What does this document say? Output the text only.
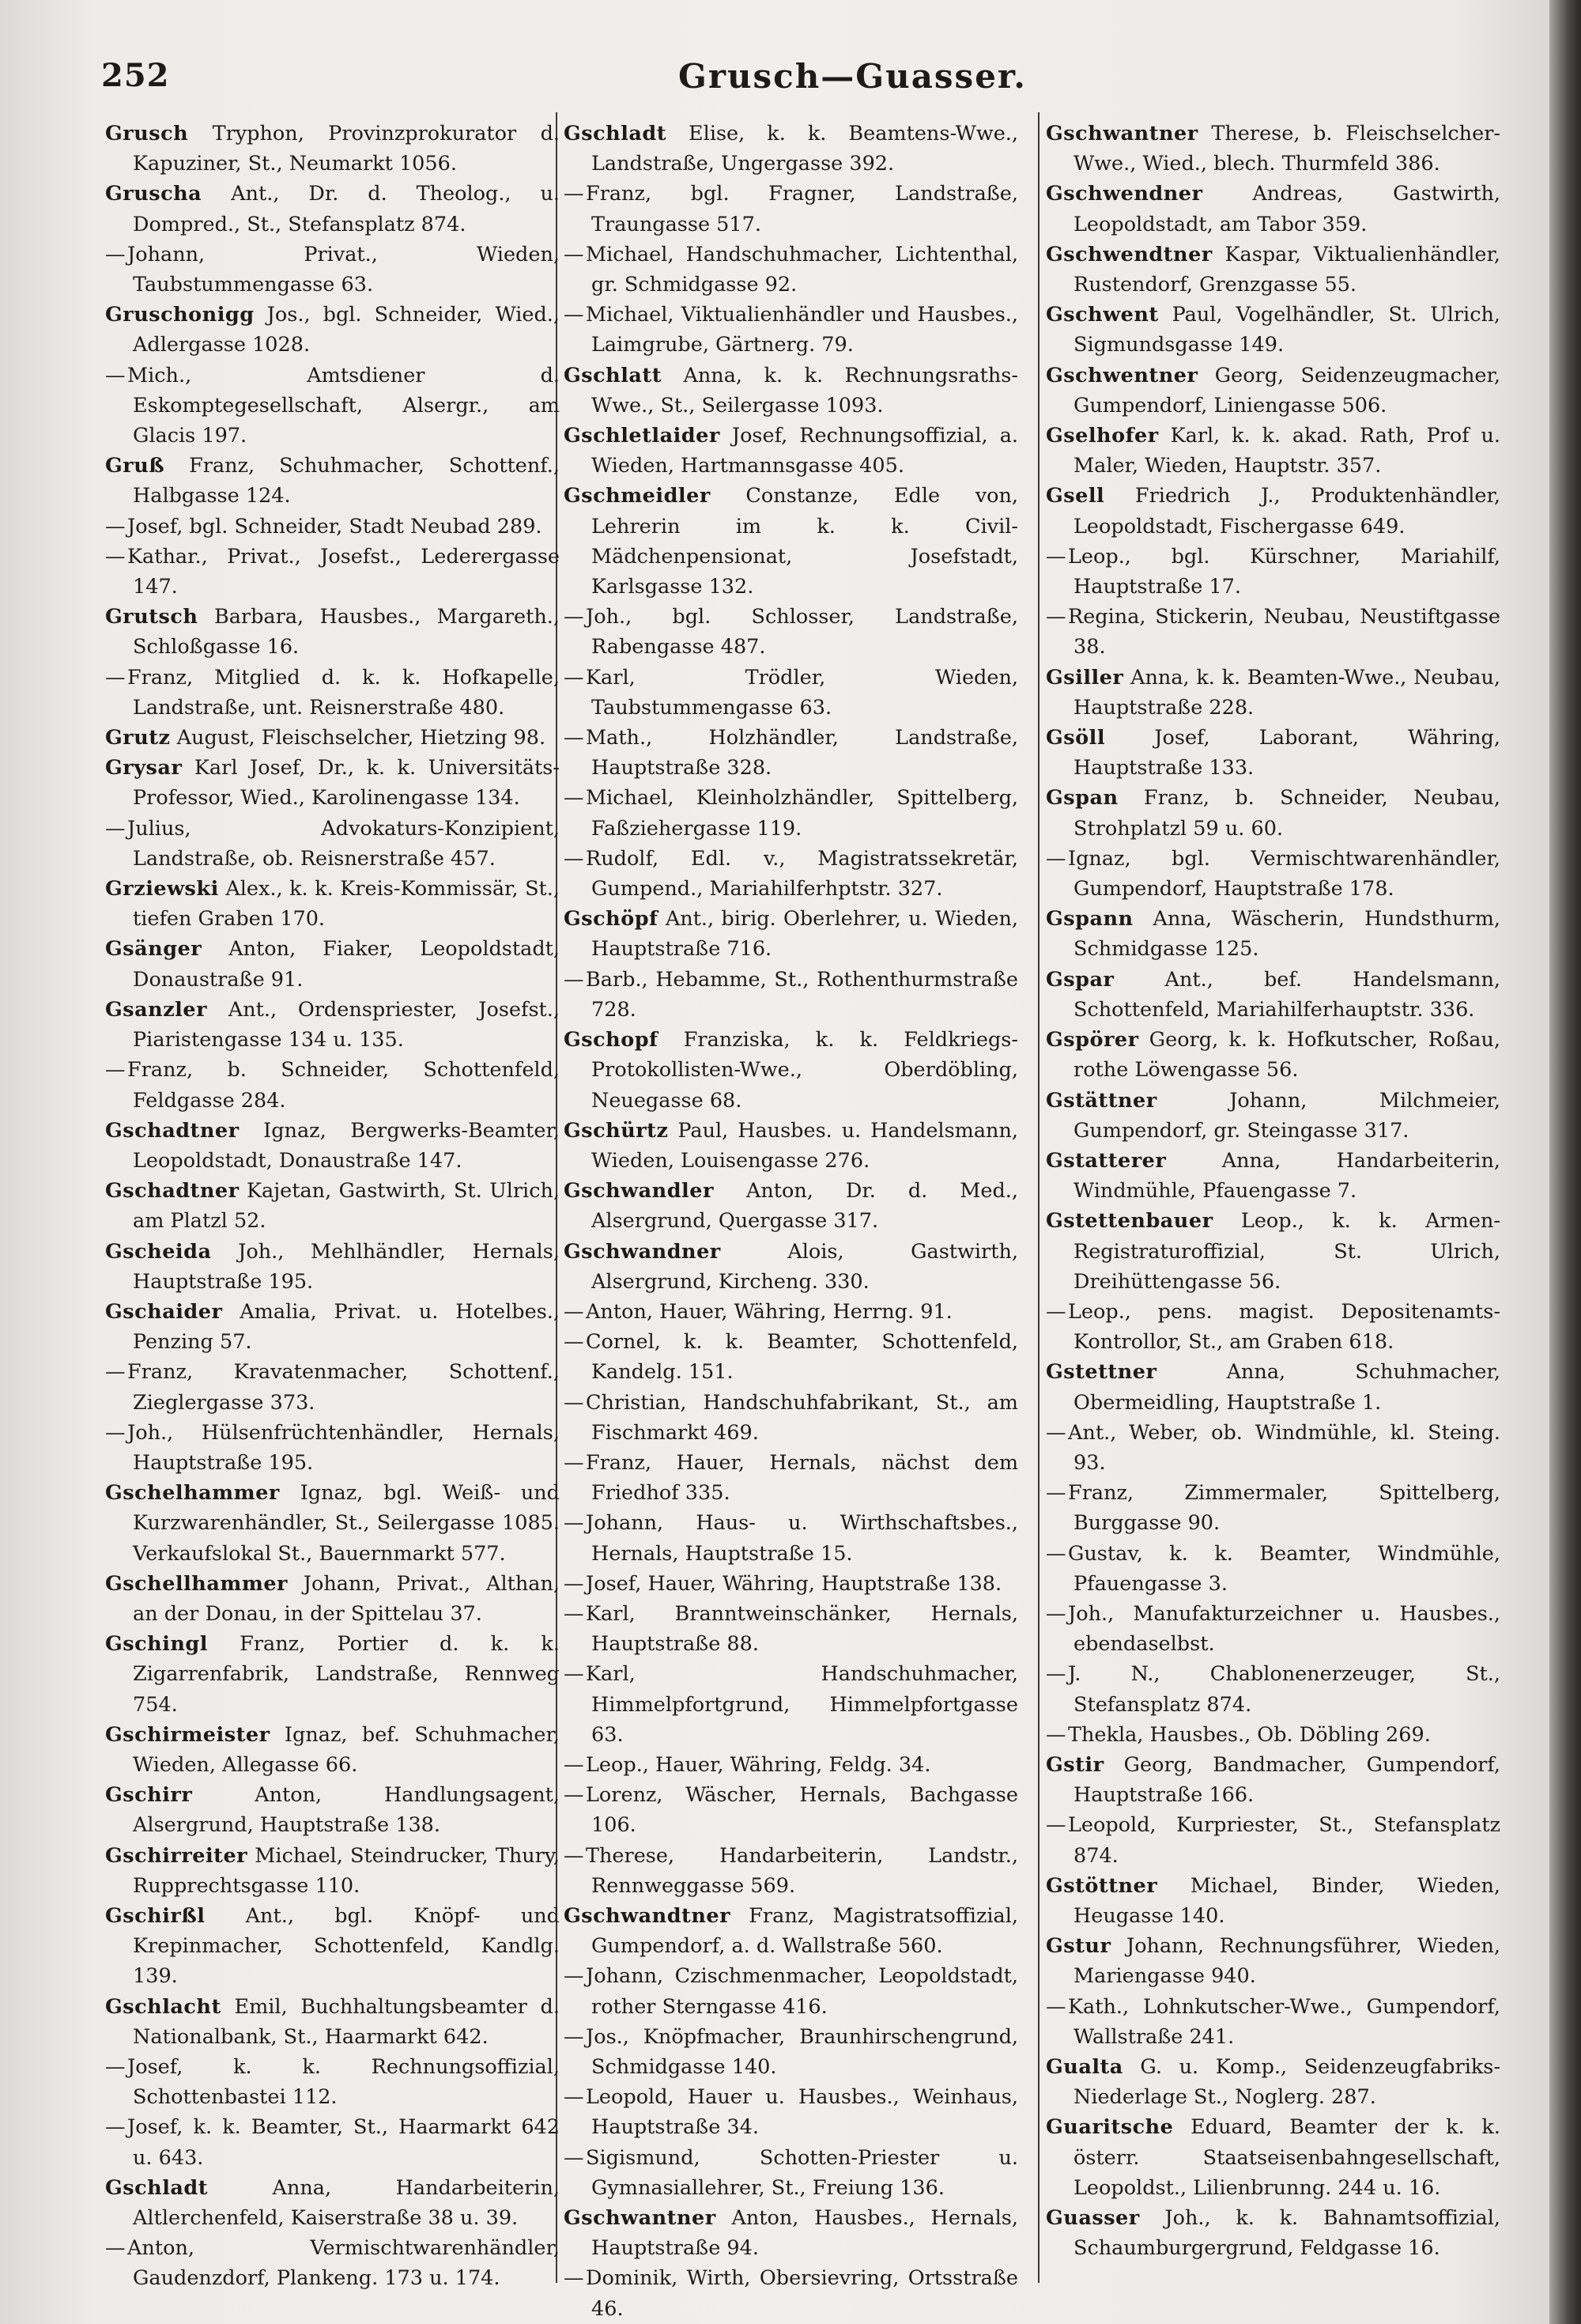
252	Grusch—Guasser.

Grusch Tryphon, Provinzprokurator d. Kapuziner, St., Neumarkt 1056.

Gruscha Ant., Dr. d. Theolog., u. Dompred., St., Stefansplatz 874.

—Johann, Privat., Wieden, Taubstummengasse 63.

Gruschonigg Jos., bgl. Schneider, Wied., Adlergasse 1028.

—Mich., Amtsdiener d. Eskomptegesellschaft, Alsergr., am Glacis 197.

Gruß Franz, Schuhmacher, Schottenf., Halbgasse 124.

—Josef, bgl. Schneider, Stadt Neubad 289.

—Kathar., Privat., Josefst., Lederergasse 147.

Grutsch Barbara, Hausbes., Margareth., Schloßgasse 16.

—Franz, Mitglied d. k. k. Hofkapelle, Landstraße, unt. Reisnerstraße 480.

Grutz August, Fleischselcher, Hietzing 98.

Grysar Karl Josef, Dr., k. k. Universitäts-Professor, Wied., Karolinengasse 134.

—Julius, Advokaturs-Konzipient, Landstraße, ob. Reisnerstraße 457.

Grziewski Alex., k. k. Kreis-Kommissär, St., tiefen Graben 170.

Gsänger Anton, Fiaker, Leopoldstadt, Donaustraße 91.

Gsanzler Ant., Ordenspriester, Josefst., Piaristengasse 134 u. 135.

—Franz, b. Schneider, Schottenfeld, Feldgasse 284.

Gschadtner Ignaz, Bergwerks-Beamter, Leopoldstadt, Donaustraße 147.

Gschadtner Kajetan, Gastwirth, St. Ulrich, am Platzl 52.

Gscheida Joh., Mehlhändler, Hernals, Hauptstraße 195.

Gschaider Amalia, Privat. u. Hotelbes., Penzing 57.

—Franz, Kravatenmacher, Schottenf., Zieglergasse 373.

—Joh., Hülsenfrüchtenhändler, Hernals, Hauptstraße 195.

Gschelhammer Ignaz, bgl. Weiß- und Kurzwarenhändler, St., Seilergasse 1085. Verkaufslokal St., Bauernmarkt 577.

Gschellhammer Johann, Privat., Althan, an der Donau, in der Spittelau 37.

Gschingl Franz, Portier d. k. k. Zigarrenfabrik, Landstraße, Rennweg 754.

Gschirmeister Ignaz, bef. Schuhmacher, Wieden, Allegasse 66.

Gschirr	Anton, Handlungsagent, Alsergrund, Hauptstraße 138.

Gschirreiter Michael, Steindrucker, Thury, Rupprechtsgasse 110.

Gschirßl Ant., bgl. Knöpf- und Krepinmacher, Schottenfeld, Kandlg. 139.

Gschlacht Emil, Buchhaltungsbeamter d. Nationalbank, St., Haarmarkt 642.

—Josef, k. k. Rechnungsoffizial, Schottenbastei 112.

—Josef, k. k. Beamter, St., Haarmarkt 642 u. 643.

Gschladt	Anna, Handarbeiterin, Altlerchenfeld, Kaiserstraße 38 u. 39.

—Anton, Vermischtwarenhändler, Gaudenzdorf, Plankeng. 173 u. 174.

Gschladt Elise, k. k. Beamtens-Wwe., Landstraße, Ungergasse 392.

—Franz, bgl. Fragner, Landstraße, Traungasse 517.

—Michael, Handschuhmacher, Lichtenthal, gr. Schmidgasse 92.

—Michael, Viktualienhändler und Hausbes., Laimgrube, Gärtnerg. 79.

Gschlatt Anna, k. k. Rechnungsraths-Wwe., St., Seilergasse 1093.

Gschletlaider Josef, Rechnungsoffizial, a. Wieden, Hartmannsgasse 405.

Gschmeidler Constanze, Edle von, Lehrerin im k. k. Civil-Mädchenpensionat, Josefstadt, Karlsgasse 132.

—Joh., bgl. Schlosser, Landstraße, Rabengasse 487.

—Karl, Trödler, Wieden, Taubstummengasse 63.

—Math., Holzhändler, Landstraße, Hauptstraße 328.

—Michael, Kleinholzhändler, Spittelberg, Faßziehergasse 119.

—Rudolf, Edl. v., Magistratssekretär, Gumpend., Mariahilferhptstr. 327.

Gschöpf Ant., birig. Oberlehrer, u. Wieden, Hauptstraße 716.

—Barb., Hebamme, St., Rothenthurmstraße 728.

Gschopf Franziska, k. k. Feldkriegs-Protokollisten-Wwe., Oberdöbling, Neuegasse 68.

Gschürtz Paul, Hausbes. u. Handelsmann, Wieden, Louisengasse 276.

Gschwandler Anton, Dr. d. Med., Alsergrund, Quergasse 317.

Gschwandner	Alois, Gastwirth, Alsergrund, Kircheng. 330.

—Anton, Hauer, Währing, Herrng. 91.

—Cornel, k. k. Beamter, Schottenfeld, Kandelg. 151.

—Christian, Handschuhfabrikant, St., am Fischmarkt 469.

—Franz, Hauer, Hernals, nächst dem Friedhof 335.

—Johann, Haus- u. Wirthschaftsbes., Hernals, Hauptstraße 15.

—Josef, Hauer, Währing, Hauptstraße 138.

—Karl, Branntweinschänker, Hernals, Hauptstraße 88.

—Karl, Handschuhmacher, Himmelpfortgrund, Himmelpfortgasse 63.

—Leop., Hauer, Währing, Feldg. 34.

—Lorenz, Wäscher, Hernals, Bachgasse 106.

—Therese, Handarbeiterin, Landstr., Rennweggasse 569.

Gschwandtner Franz, Magistratsoffizial, Gumpendorf, a. d. Wallstraße 560.

—Johann, Czischmenmacher, Leopoldstadt, rother Sterngasse 416.

—Jos., Knöpfmacher, Braunhirschengrund, Schmidgasse 140.

—Leopold, Hauer u. Hausbes., Weinhaus, Hauptstraße 34.

—Sigismund, Schotten-Priester u. Gymnasiallehrer, St., Freiung 136.

Gschwantner Anton, Hausbes., Hernals, Hauptstraße 94.

—Dominik, Wirth, Obersievring, Ortsstraße 46.

Gschwantner Therese, b. Fleischselcher-Wwe., Wied., blech. Thurmfeld 386.

Gschwendner Andreas, Gastwirth, Leopoldstadt, am Tabor 359.

Gschwendtner Kaspar, Viktualienhändler, Rustendorf, Grenzgasse 55.

Gschwent Paul, Vogelhändler, St. Ulrich, Sigmundsgasse 149.

Gschwentner Georg, Seidenzeugmacher, Gumpendorf, Liniengasse 506.

Gselhofer Karl, k. k. akad. Rath, Prof u. Maler, Wieden, Hauptstr. 357.

Gsell Friedrich J., Produktenhändler, Leopoldstadt, Fischergasse 649.

—Leop., bgl. Kürschner, Mariahilf, Hauptstraße 17.

—Regina, Stickerin, Neubau, Neustiftgasse 38.

Gsiller Anna, k. k. Beamten-Wwe., Neubau, Hauptstraße 228.

Gsöll Josef, Laborant, Währing, Hauptstraße 133.

Gspan Franz, b. Schneider, Neubau, Strohplatzl 59 u. 60.

—Ignaz, bgl. Vermischtwarenhändler, Gumpendorf, Hauptstraße 178.

Gspann Anna, Wäscherin, Hundsthurm, Schmidgasse 125.

Gspar	Ant., bef. Handelsmann, Schottenfeld, Mariahilferhauptstr. 336.

Gspörer Georg, k. k. Hofkutscher, Roßau, rothe Löwengasse 56.

Gstättner	Johann, Milchmeier, Gumpendorf, gr. Steingasse 317.

Gstatterer	Anna, Handarbeiterin, Windmühle, Pfauengasse 7.

Gstettenbauer Leop., k. k. Armen-Registraturoffizial, St. Ulrich, Dreihüttengasse 56.

—Leop., pens. magist. Depositenamts-Kontrollor, St., am Graben 618.

Gstettner	Anna, Schuhmacher, Obermeidling, Hauptstraße 1.

—Ant., Weber, ob. Windmühle, kl. Steing. 93.

—Franz, Zimmermaler, Spittelberg, Burggasse 90.

—Gustav, k. k. Beamter, Windmühle, Pfauengasse 3.

—Joh., Manufakturzeichner u. Hausbes., ebendaselbst.

—J. N., Chablonenerzeuger, St., Stefansplatz 874.

—Thekla, Hausbes., Ob. Döbling 269.

Gstir Georg, Bandmacher, Gumpendorf, Hauptstraße 166.

—Leopold, Kurpriester, St., Stefansplatz 874.

Gstöttner Michael, Binder, Wieden, Heugasse 140.

Gstur Johann, Rechnungsführer, Wieden, Mariengasse 940.

—Kath., Lohnkutscher-Wwe., Gumpendorf, Wallstraße 241.

Gualta G. u. Komp., Seidenzeugfabriks-Niederlage St., Noglerg. 287.

Guaritsche Eduard, Beamter der k. k. österr. Staatseisenbahngesellschaft, Leopoldst., Lilienbrunng. 244 u. 16.

Guasser Joh., k. k. Bahnamtsoffizial, Schaumburgergrund, Feldgasse 16.
